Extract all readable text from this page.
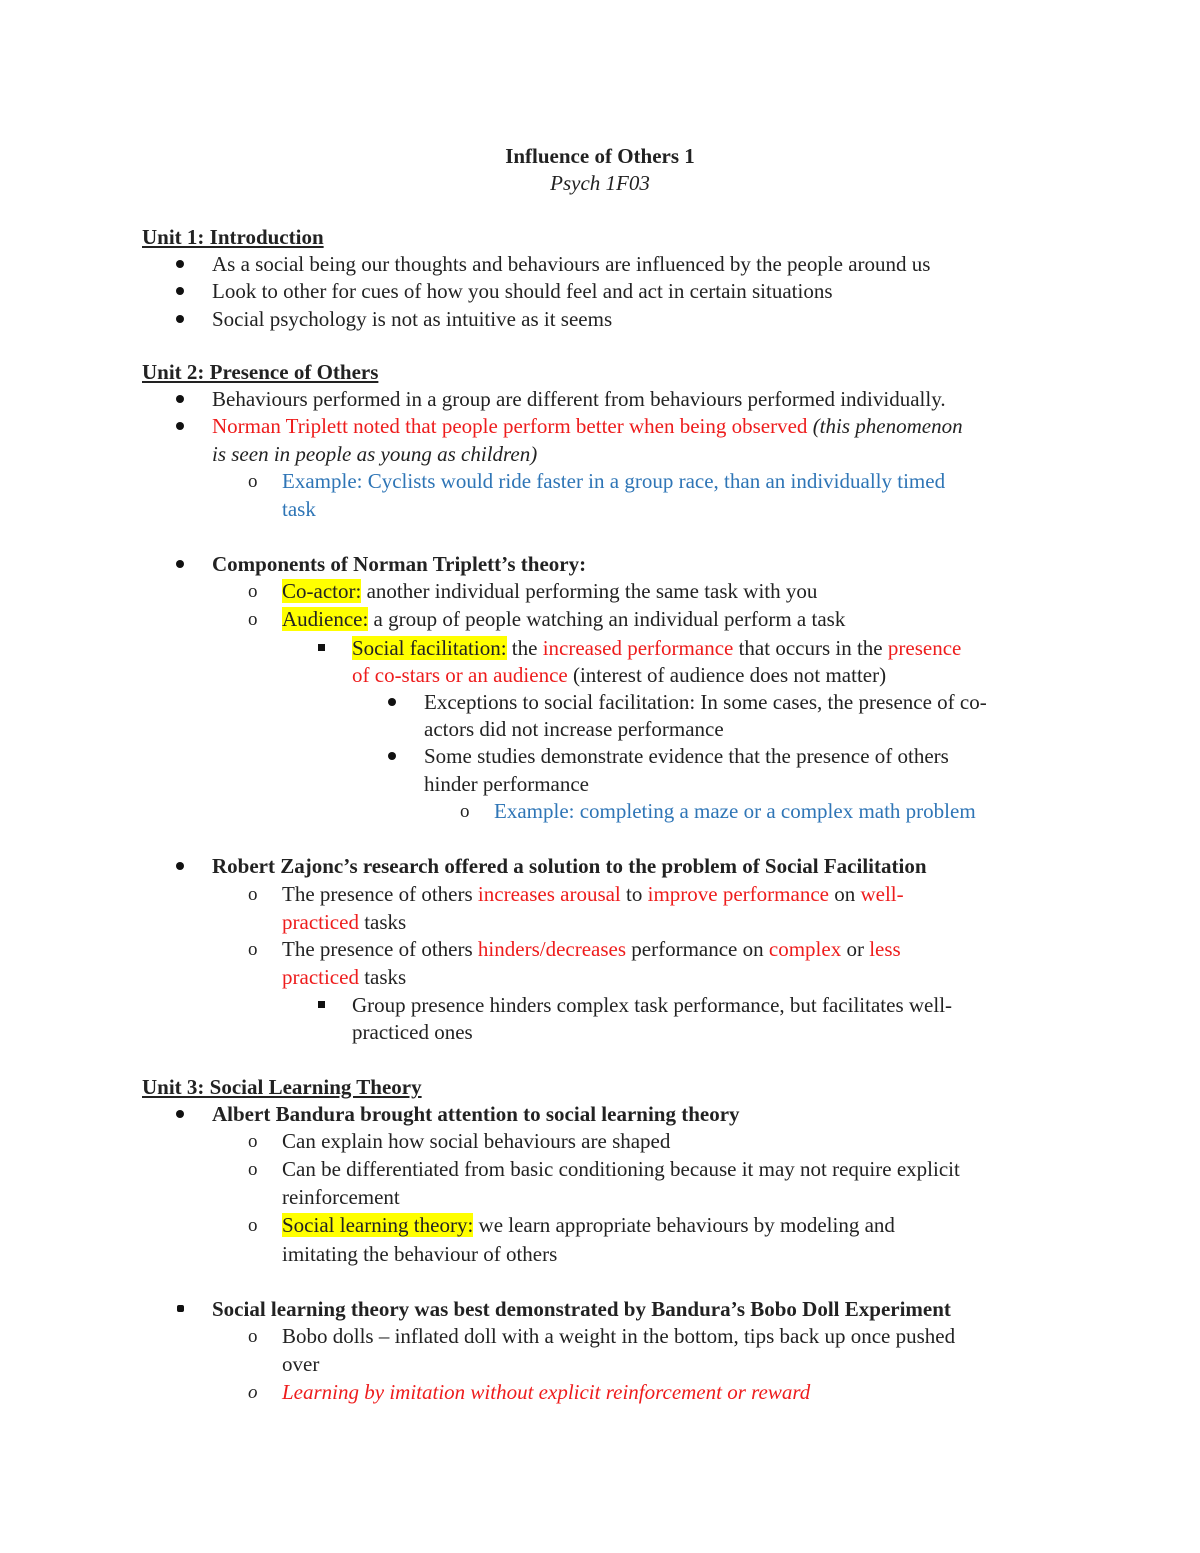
Influence of Others 1
Psych 1F03
Unit 1: Introduction
As a social being our thoughts and behaviours are influenced by the people around us
Look to other for cues of how you should feel and act in certain situations
Social psychology is not as intuitive as it seems
Unit 2: Presence of Others
Behaviours performed in a group are different from behaviours performed individually.
Norman Triplett noted that people perform better when being observed (this phenomenon
is seen in people as young as children)
o Example: Cyclists would ride faster in a group race, than an individually timed
task
Components of Norman Triplett’s theory:
o Co-actor: another individual performing the same task with you
o Audience: a group of people watching an individual perform a task
Social facilitation: the increased performance that occurs in the presence
of co-stars or an audience (interest of audience does not matter)
Exceptions to social facilitation: In some cases, the presence of co-
actors did not increase performance
Some studies demonstrate evidence that the presence of others
hinder performance
o Example: completing a maze or a complex math problem
Robert Zajonc’s research offered a solution to the problem of Social Facilitation
o The presence of others increases arousal to improve performance on well-
practiced tasks
o The presence of others hinders/decreases performance on complex or less
practiced tasks
Group presence hinders complex task performance, but facilitates well-
practiced ones
Unit 3: Social Learning Theory
Albert Bandura brought attention to social learning theory
o Can explain how social behaviours are shaped
o Can be differentiated from basic conditioning because it may not require explicit
reinforcement
o Social learning theory: we learn appropriate behaviours by modeling and
imitating the behaviour of others
Social learning theory was best demonstrated by Bandura’s Bobo Doll Experiment
o Bobo dolls – inflated doll with a weight in the bottom, tips back up once pushed
over
o Learning by imitation without explicit reinforcement or reward
